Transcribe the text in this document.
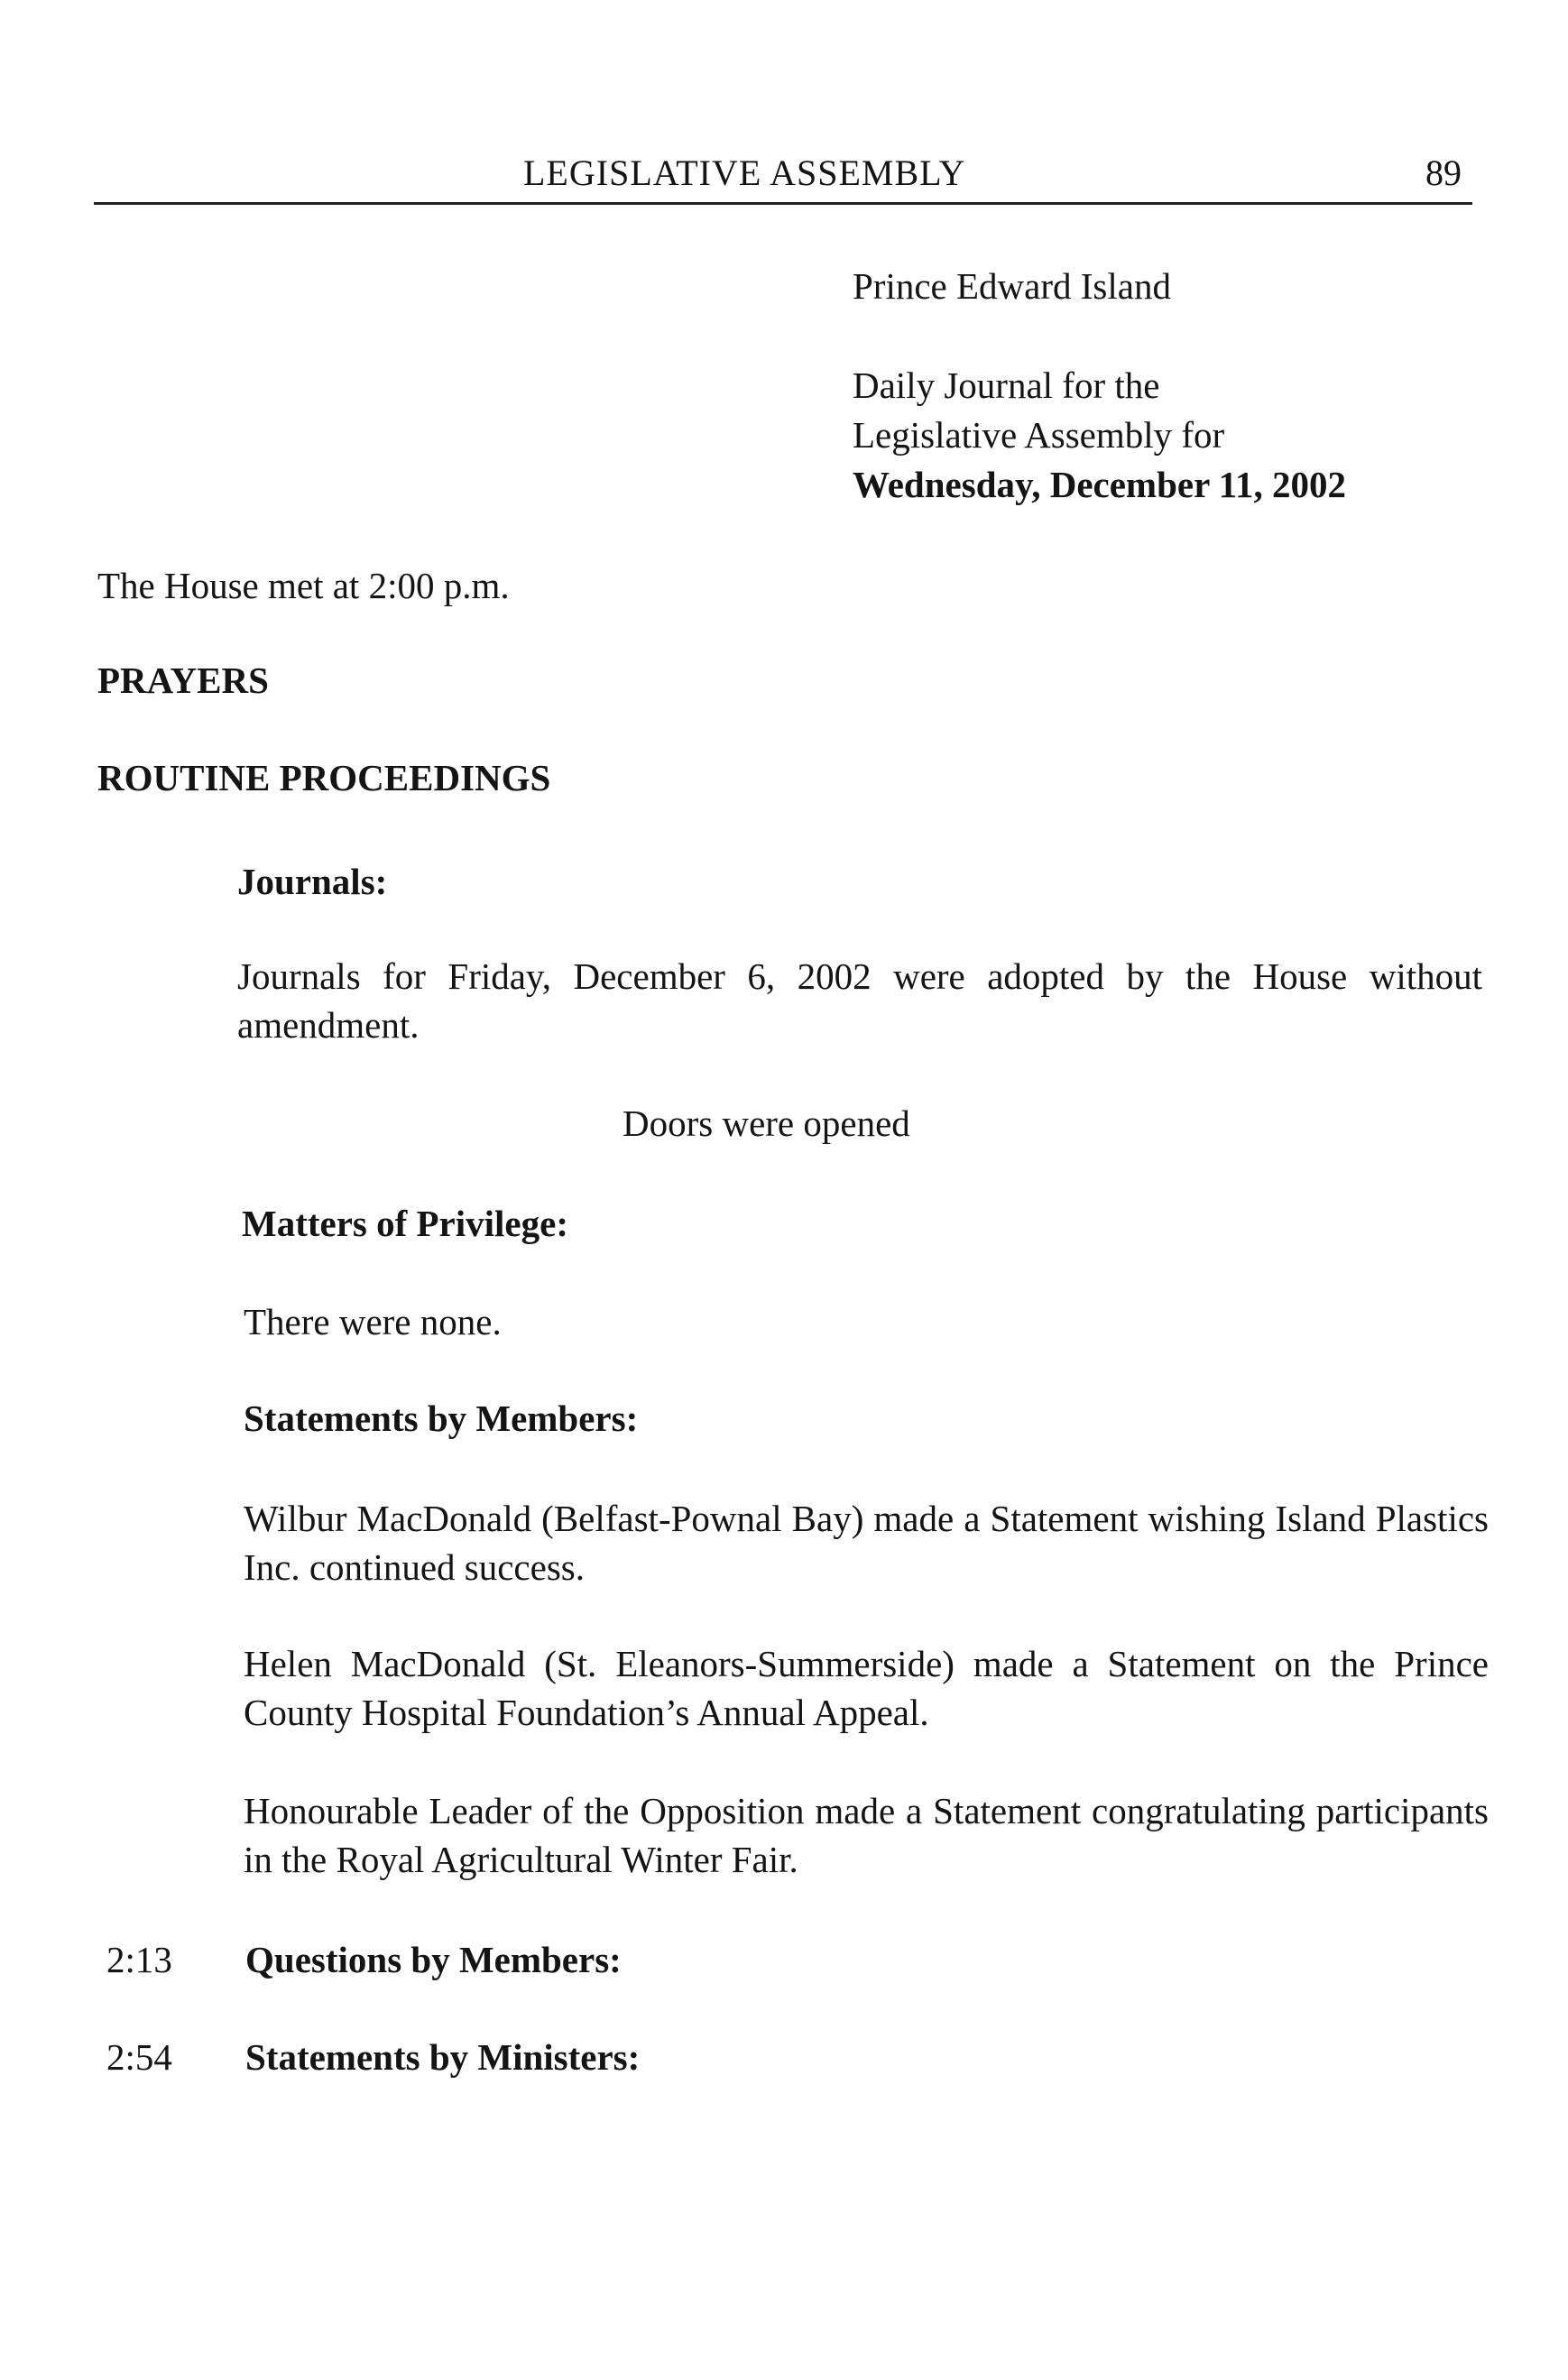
LEGISLATIVE ASSEMBLY	89
Prince Edward Island
Daily Journal for the
Legislative Assembly for
Wednesday, December 11, 2002
The House met at 2:00 p.m.
PRAYERS
ROUTINE PROCEEDINGS
Journals:
Journals for Friday, December 6, 2002 were adopted by the House without amendment.
Doors were opened
Matters of Privilege:
There were none.
Statements by Members:
Wilbur MacDonald (Belfast-Pownal Bay) made a Statement wishing Island Plastics Inc. continued success.
Helen MacDonald (St. Eleanors-Summerside) made a Statement on the Prince County Hospital Foundation’s Annual Appeal.
Honourable Leader of the Opposition made a Statement congratulating participants in the Royal Agricultural Winter Fair.
2:13 Questions by Members:
2:54 Statements by Ministers:
